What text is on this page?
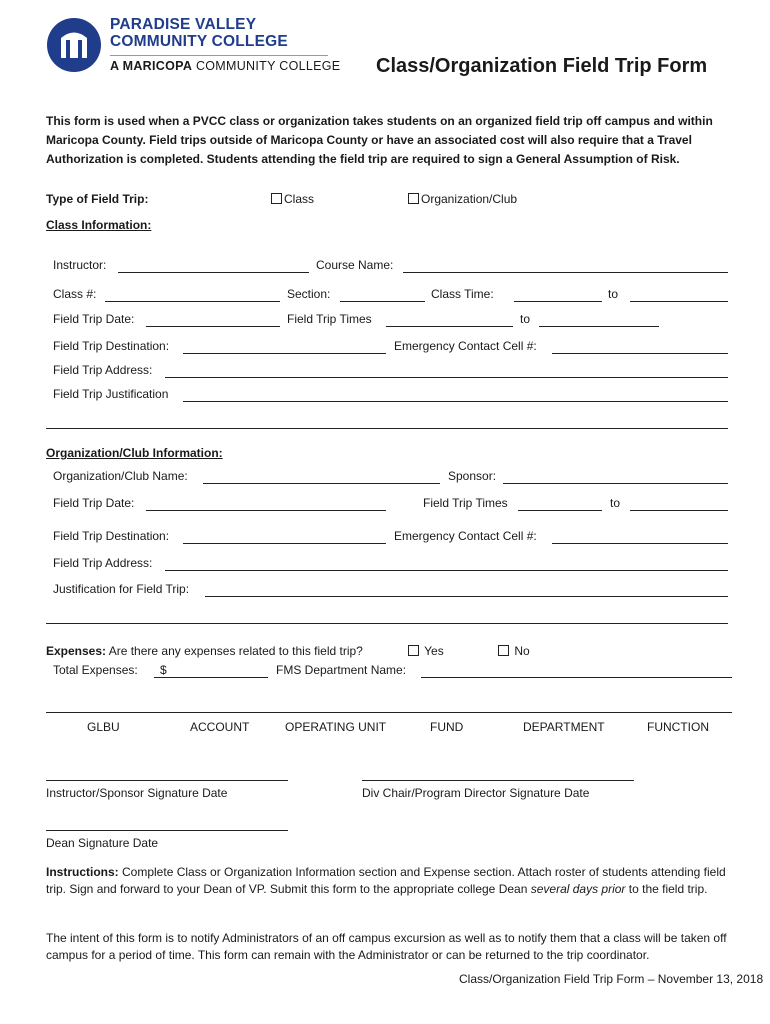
PARADISE VALLEY
COMMUNITY COLLEGE
A MARICOPA COMMUNITY COLLEGE Class/Organization Field Trip Form
This form is used when a PVCC class or organization takes students on an organized field trip off campus and within Maricopa County. Field trips outside of Maricopa County or have an associated cost will also require that a Travel Authorization is completed. Students attending the field trip are required to sign a General Assumption of Risk.
Type of Field Trip:	Class	Organization/Club
Class Information:
Instructor:	Course Name:
Class #:	Section:	Class Time:	to
Field Trip Date:	Field Trip Times	to
Field Trip Destination:	Emergency Contact Cell #:
Field Trip Address:
Field Trip Justification
Organization/Club Information:
Organization/Club Name:	Sponsor:
Field Trip Date:	Field Trip Times	to
Field Trip Destination:	Emergency Contact Cell #:
Field Trip Address:
Justification for Field Trip:
Expenses: Are there any expenses related to this field trip?	Yes	No
Total Expenses: $	FMS Department Name:
GLBU	ACCOUNT	OPERATING UNIT	FUND	DEPARTMENT	FUNCTION
Instructor/Sponsor Signature Date	Div Chair/Program Director Signature Date
Dean Signature Date
Instructions: Complete Class or Organization Information section and Expense section. Attach roster of students attending field trip. Sign and forward to your Dean of VP. Submit this form to the appropriate college Dean several days prior to the field trip.
The intent of this form is to notify Administrators of an off campus excursion as well as to notify them that a class will be taken off campus for a period of time. This form can remain with the Administrator or can be returned to the trip coordinator.
Class/Organization Field Trip Form – November 13, 2018
